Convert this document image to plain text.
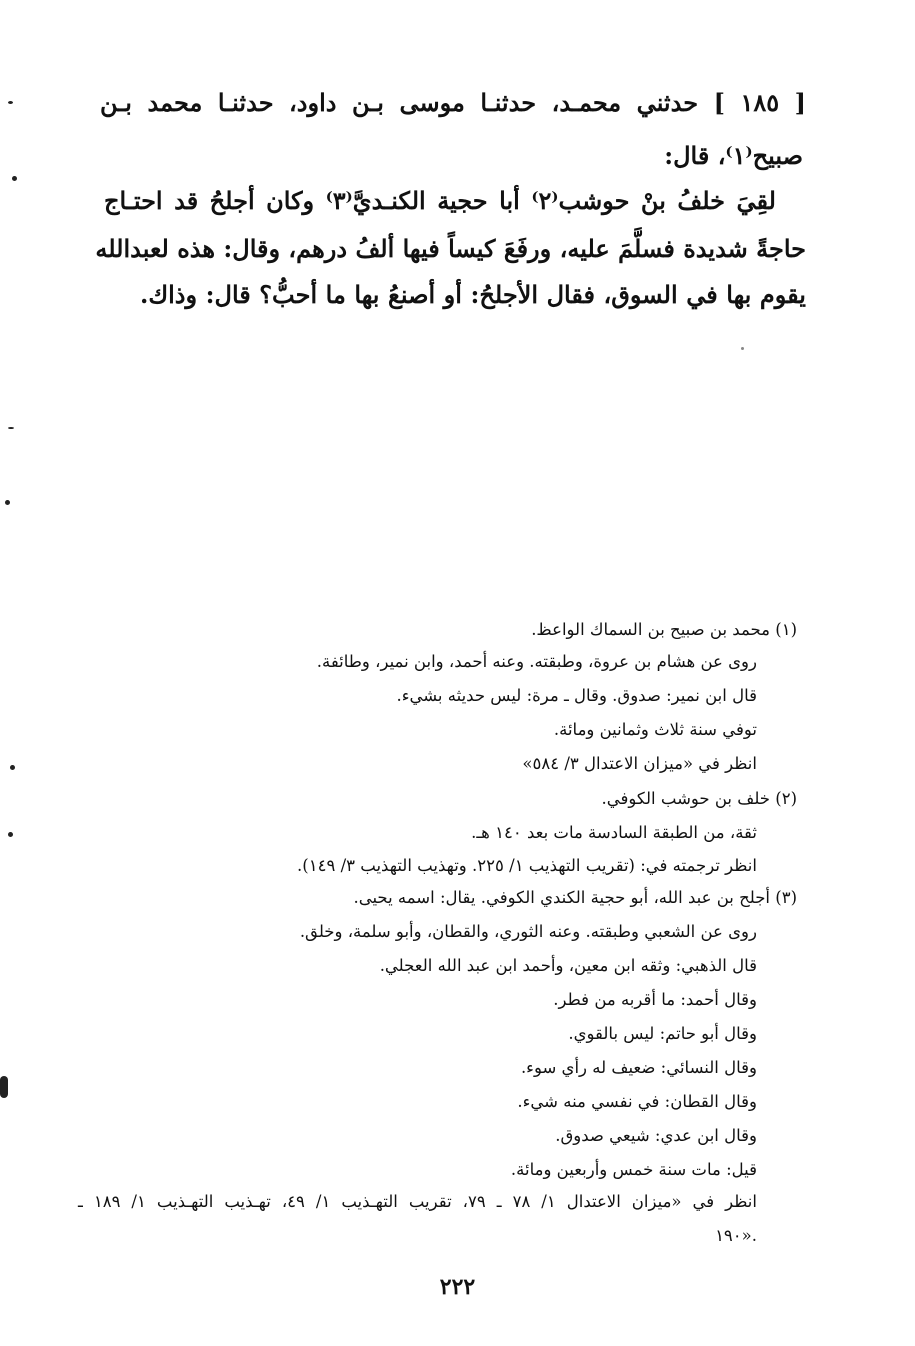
[ ١٨٥ ] حدثني محمـد، حدثنـا موسى بـن داود، حدثنـا محمد بـن
صبيح⁽١⁾، قال:
لقِيَ خلفُ بنْ حوشب⁽٢⁾ أبا حجية الكنـديَّ⁽٣⁾ وكان أجلحُ قد احتـاج
حاجةً شديدة فسلَّمَ عليه، ورفَعَ كيساً فيها ألفُ درهم، وقال: هذه لعبدالله
يقوم بها في السوق، فقال الأجلحُ: أو أصنعُ بها ما أحبُّ؟ قال: وذاك.
(١) محمد بن صبيح بن السماك الواعظ.
روى عن هشام بن عروة، وطبقته. وعنه أحمد، وابن نمير، وطائفة.
قال ابن نمير: صدوق. وقال ـ مرة: ليس حديثه بشيء.
توفي سنة ثلاث وثمانين ومائة.
انظر في «ميزان الاعتدال ٣/ ٥٨٤»
(٢) خلف بن حوشب الكوفي.
ثقة، من الطبقة السادسة مات بعد ١٤٠ هـ.
انظر ترجمته في: (تقريب التهذيب ١/ ٢٢٥. وتهذيب التهذيب ٣/ ١٤٩).
(٣) أجلح بن عبد الله، أبو حجية الكندي الكوفي. يقال: اسمه يحيى.
روى عن الشعبي وطبقته. وعنه الثوري، والقطان، وأبو سلمة، وخلق.
قال الذهبي: وثقه ابن معين، وأحمد ابن عبد الله العجلي.
وقال أحمد: ما أقربه من فطر.
وقال أبو حاتم: ليس بالقوي.
وقال النسائي: ضعيف له رأي سوء.
وقال القطان: في نفسي منه شيء.
وقال ابن عدي: شيعي صدوق.
قيل: مات سنة خمس وأربعين ومائة.
انظر في «ميزان الاعتدال ١/ ٧٨ ـ ٧٩، تقريب التهـذيب ١/ ٤٩، تهـذيب التهـذيب ١/ ١٨٩ ـ
١٩٠».
٢٢٢
